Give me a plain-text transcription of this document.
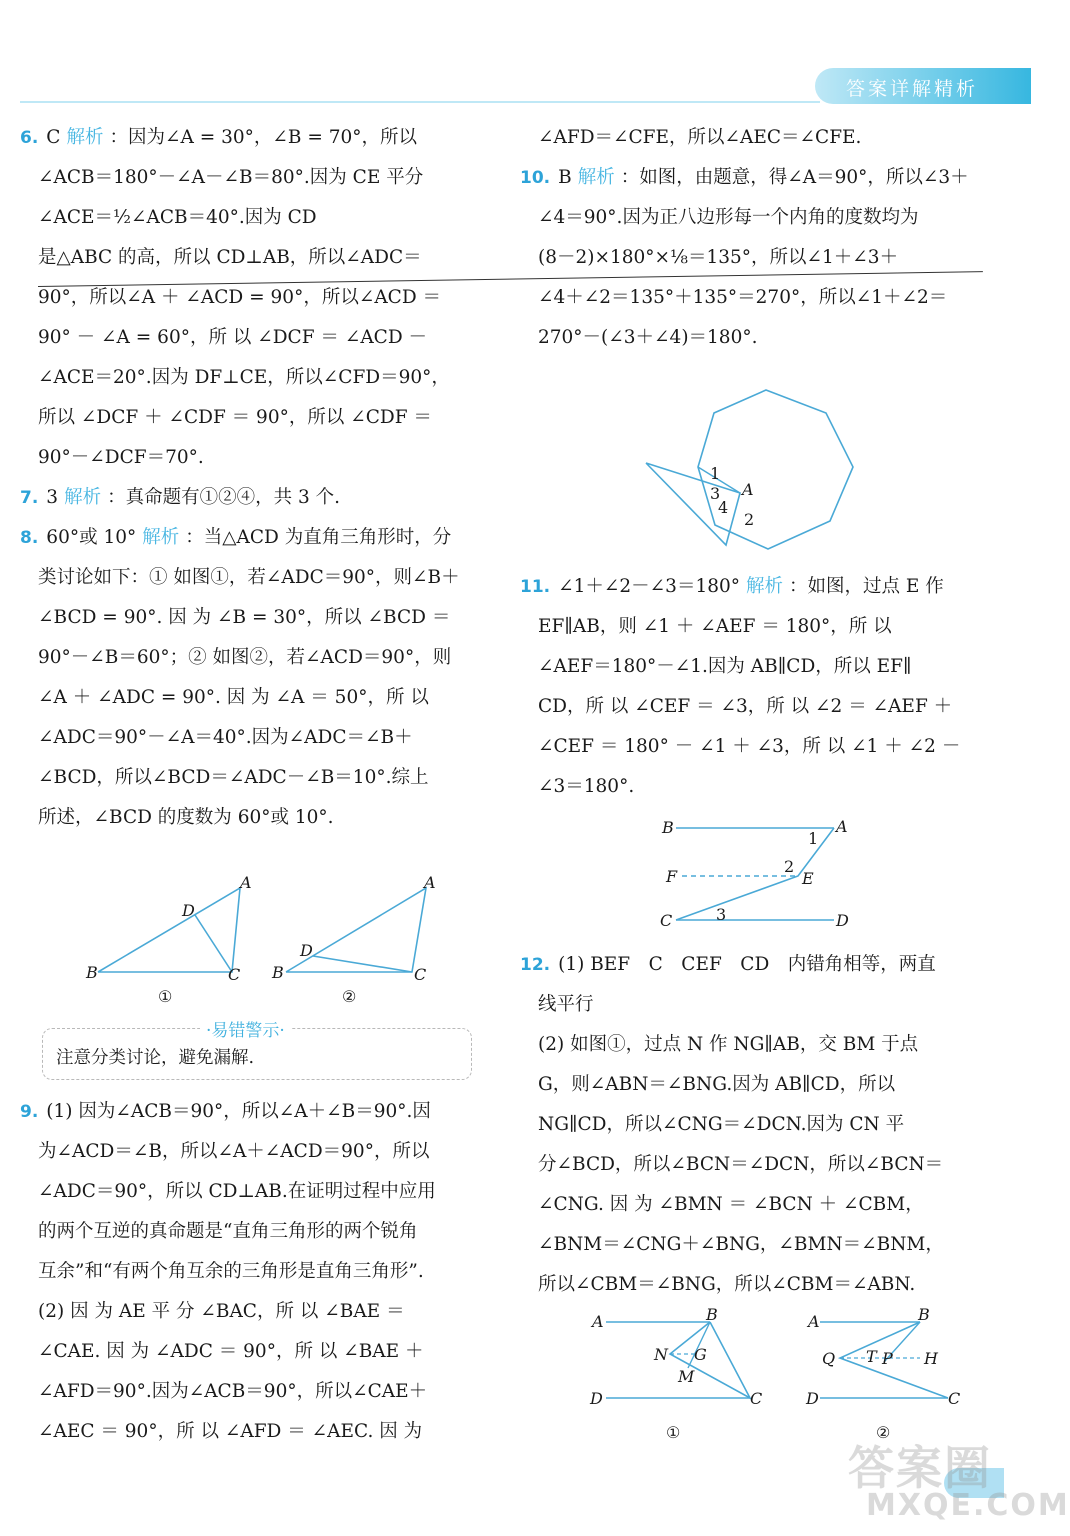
答案详解精析
6. C 解析 ：因为∠A = 30°，∠B = 70°，所以
∠ACB＝180°－∠A－∠B＝80°.因为 CE 平分
∠ACE＝½∠ACB＝40°.因为 CD
是△ABC 的高，所以 CD⊥AB，所以∠ADC＝
90°，所以∠A ＋ ∠ACD = 90°，所以∠ACD ＝
90° － ∠A = 60°，所 以 ∠DCF ＝ ∠ACD －
∠ACE＝20°.因为 DF⊥CE，所以∠CFD＝90°，
所以 ∠DCF ＋ ∠CDF ＝ 90°，所以 ∠CDF ＝
90°－∠DCF＝70°.
7. 3 解析 ：真命题有①②④，共 3 个.
8. 60°或 10° 解析 ：当△ACD 为直角三角形时，分
类讨论如下：① 如图①，若∠ADC＝90°，则∠B＋
∠BCD = 90°. 因 为 ∠B = 30°，所以 ∠BCD ＝
90°－∠B＝60°；② 如图②，若∠ACD＝90°，则
∠A ＋ ∠ADC = 90°. 因 为 ∠A ＝ 50°，所 以
∠ADC＝90°－∠A＝40°.因为∠ADC＝∠B＋
∠BCD，所以∠BCD＝∠ADC－∠B＝10°.综上
所述，∠BCD 的度数为 60°或 10°.
B
A
D
C
①
B
A
D
C
②
·易错警示·
注意分类讨论，避免漏解.
9. (1) 因为∠ACB＝90°，所以∠A＋∠B＝90°.因
为∠ACD＝∠B，所以∠A＋∠ACD＝90°，所以
∠ADC＝90°，所以 CD⊥AB.在证明过程中应用
的两个互逆的真命题是“直角三角形的两个锐角
互余”和“有两个角互余的三角形是直角三角形”.
(2) 因 为 AE 平 分 ∠BAC，所 以 ∠BAE ＝
∠CAE. 因 为 ∠ADC ＝ 90°，所 以 ∠BAE ＋
∠AFD＝90°.因为∠ACB＝90°，所以∠CAE＋
∠AEC ＝ 90°，所 以 ∠AFD ＝ ∠AEC. 因 为
∠AFD＝∠CFE，所以∠AEC＝∠CFE.
10. B 解析 ：如图，由题意，得∠A＝90°，所以∠3＋
∠4＝90°.因为正八边形每一个内角的度数均为
(8－2)×180°×⅛＝135°，所以∠1＋∠3＋
∠4＋∠2＝135°＋135°＝270°，所以∠1＋∠2＝
270°－(∠3＋∠4)＝180°.
1
3
4
A
2
11. ∠1＋∠2－∠3＝180° 解析 ：如图，过点 E 作
EF∥AB，则 ∠1 ＋ ∠AEF ＝ 180°，所 以
∠AEF＝180°－∠1.因为 AB∥CD，所以 EF∥
CD，所 以 ∠CEF ＝ ∠3，所 以 ∠2 ＝ ∠AEF ＋
∠CEF ＝ 180° － ∠1 ＋ ∠3，所 以 ∠1 ＋ ∠2 －
∠3＝180°.
B	A
F	E
C	D
1
2
3
12. (1) BEF　C　CEF　CD　内错角相等，两直
线平行
(2) 如图①，过点 N 作 NG∥AB，交 BM 于点
G，则∠ABN＝∠BNG.因为 AB∥CD，所以
NG∥CD，所以∠CNG＝∠DCN.因为 CN 平
分∠BCD，所以∠BCN＝∠DCN，所以∠BCN＝
∠CNG. 因 为 ∠BMN ＝ ∠BCN ＋ ∠CBM，
∠BNM＝∠CNG＋∠BNG，∠BMN＝∠BNM，
所以∠CBM＝∠BNG，所以∠CBM＝∠ABN.
A	B
N G
M
D	C
①
A	B
Q T P H
D	C
②
答案圈
MXQE.COM
